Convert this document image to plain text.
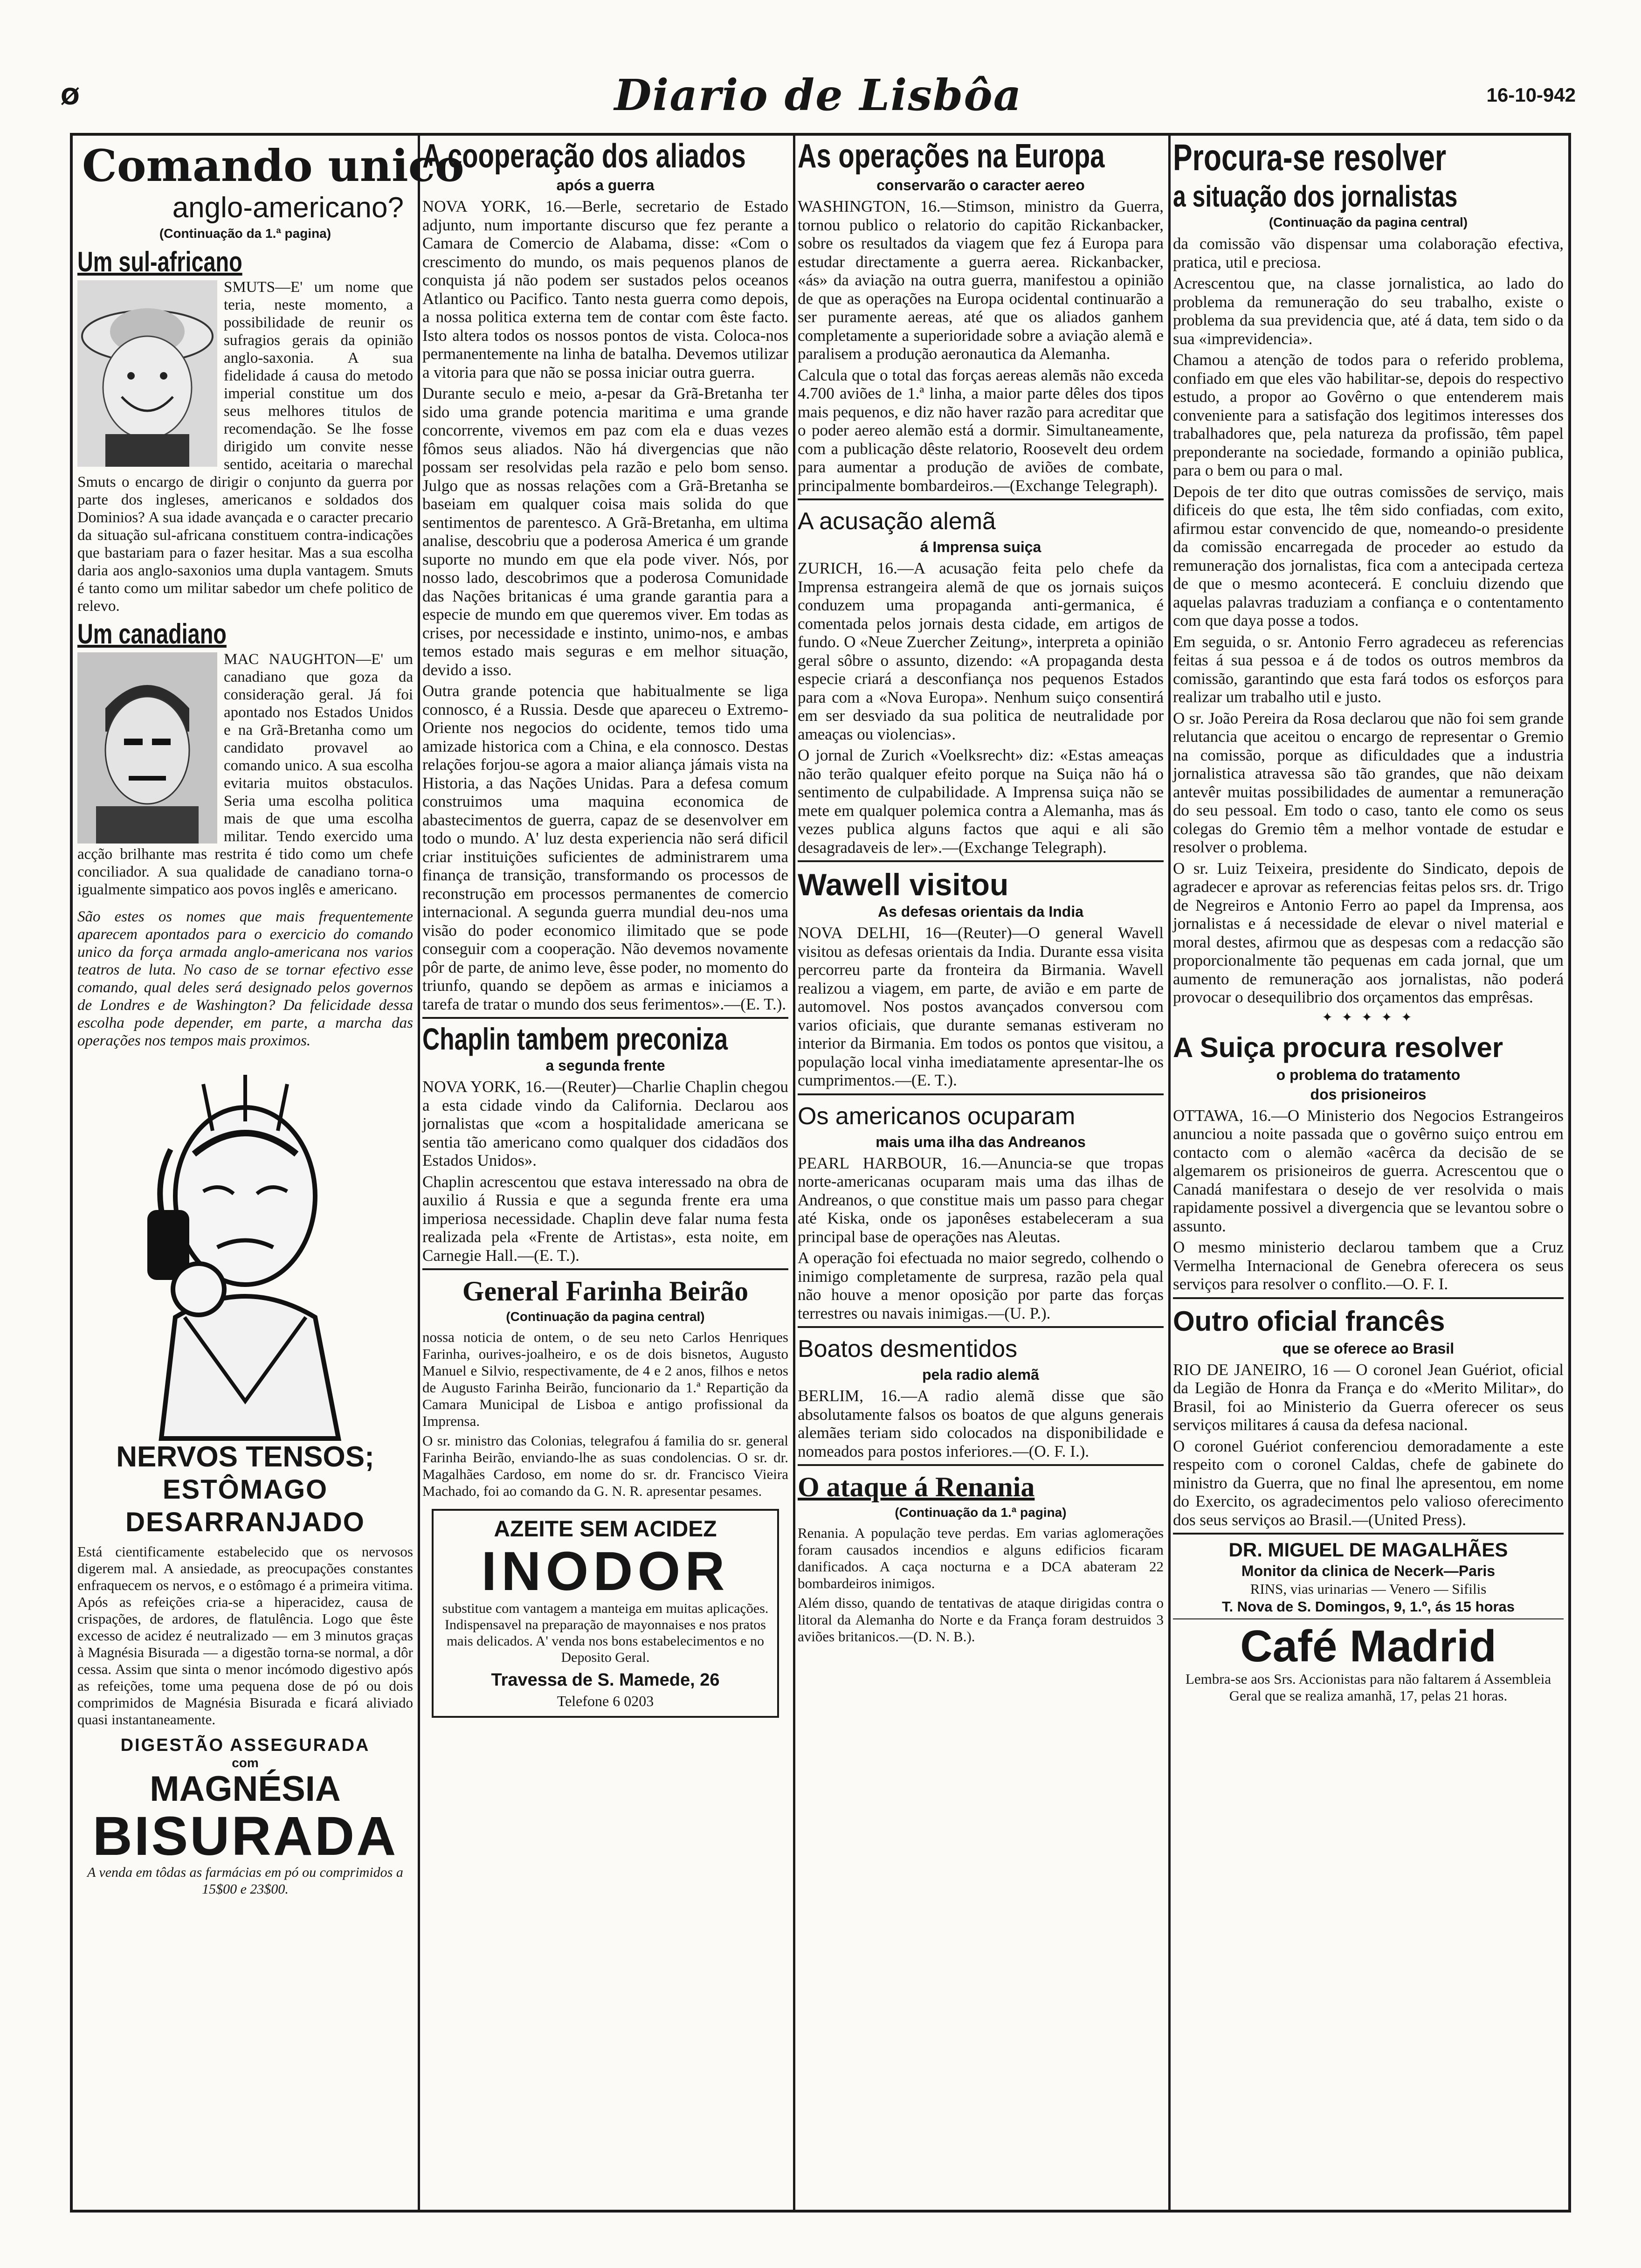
Ø	Diario de Lisbôa	16-10-942
Comando unico
anglo-americano?
(Continuação da 1.ª pagina)
Um sul-africano

SMUTS—E' um nome que teria, neste momento, a possibilidade de reunir os sufragios gerais da opinião anglo-saxonia. A sua fidelidade á causa do metodo imperial constitue um dos seus melhores titulos de recomendação. Se lhe fosse dirigido um convite nesse sentido, aceitaria o marechal Smuts o encargo de dirigir o conjunto da guerra por parte dos ingleses, americanos e soldados dos Dominios? A sua idade avançada e o caracter precario da situação sul-africana constituem contra-indicações que bastariam para o fazer hesitar. Mas a sua escolha daria aos anglo-saxonios uma dupla vantagem. Smuts é tanto como um militar sabedor um chefe politico de relevo.

Um canadiano

MAC NAUGHTON—E' um canadiano que goza da consideração geral. Já foi apontado nos Estados Unidos e na Grã-Bretanha como um candidato provavel ao comando unico. A sua escolha evitaria muitos obstaculos. Seria uma escolha politica mais de que uma escolha militar. Tendo exercido uma acção brilhante mas restrita é tido como um chefe conciliador. A sua qualidade de canadiano torna-o igualmente simpatico aos povos inglês e americano.

São estes os nomes que mais frequentemente aparecem apontados para o exercicio do comando unico da força armada anglo-americana nos varios teatros de luta. No caso de se tornar efectivo esse comando, qual deles será designado pelos governos de Londres e de Washington? Da felicidade dessa escolha pode depender, em parte, a marcha das operações nos tempos mais proximos.

NERVOS TENSOS;
ESTÔMAGO DESARRANJADO

Está cientificamente estabelecido que os nervosos digerem mal. A ansiedade, as preocupações constantes enfraquecem os nervos, e o estômago é a primeira vitima. Após as refeições cria-se a hiperacidez, causa de crispações, de ardores, de flatulência. Logo que êste excesso de acidez é neutralizado — em 3 minutos graças à Magnésia Bisurada — a digestão torna-se normal, a dôr cessa. Assim que sinta o menor incómodo digestivo após as refeições, tome uma pequena dose de pó ou dois comprimidos de Magnésia Bisurada e ficará aliviado quasi instantaneamente.

DIGESTÃO ASSEGURADA
com
MAGNÉSIA
BISURADA

A venda em tôdas as farmácias em pó ou comprimidos a 15$00 e 23$00.

A cooperação dos aliados
após a guerra

NOVA YORK, 16.—Berle, secretario de Estado adjunto, num importante discurso que fez perante a Camara de Comercio de Alabama, disse: «Com o crescimento do mundo, os mais pequenos planos de conquista já não podem ser sustados pelos oceanos Atlantico ou Pacifico. Tanto nesta guerra como depois, a nossa politica externa tem de contar com êste facto. Isto altera todos os nossos pontos de vista. Coloca-nos permanentemente na linha de batalha. Devemos utilizar a vitoria para que não se possa iniciar outra guerra.

Durante seculo e meio, a-pesar da Grã-Bretanha ter sido uma grande potencia maritima e uma grande concorrente, vivemos em paz com ela e duas vezes fômos seus aliados. Não há divergencias que não possam ser resolvidas pela razão e pelo bom senso. Julgo que as nossas relações com a Grã-Bretanha se baseiam em qualquer coisa mais solida do que sentimentos de parentesco. A Grã-Bretanha, em ultima analise, descobriu que a poderosa America é um grande suporte no mundo em que ela pode viver. Nós, por nosso lado, descobrimos que a poderosa Comunidade das Nações britanicas é uma grande garantia para a especie de mundo em que queremos viver. Em todas as crises, por necessidade e instinto, unimo-nos, e ambas temos estado mais seguras e em melhor situação, devido a isso.

Outra grande potencia que habitualmente se liga connosco, é a Russia. Desde que apareceu o Extremo-Oriente nos negocios do ocidente, temos tido uma amizade historica com a China, e ela connosco. Destas relações forjou-se agora a maior aliança jámais vista na Historia, a das Nações Unidas. Para a defesa comum construimos uma maquina economica de abastecimentos de guerra, capaz de se desenvolver em todo o mundo. A' luz desta experiencia não será dificil criar instituições suficientes de administrarem uma finança de transição, transformando os processos de reconstrução em processos permanentes de comercio internacional. A segunda guerra mundial deu-nos uma visão do poder economico ilimitado que se pode conseguir com a cooperação. Não devemos novamente pôr de parte, de animo leve, êsse poder, no momento do triunfo, quando se depõem as armas e iniciamos a tarefa de tratar o mundo dos seus ferimentos».—(E. T.).

Chaplin tambem preconiza
a segunda frente

NOVA YORK, 16.—(Reuter)—Charlie Chaplin chegou a esta cidade vindo da California. Declarou aos jornalistas que «com a hospitalidade americana se sentia tão americano como qualquer dos cidadãos dos Estados Unidos».

Chaplin acrescentou que estava interessado na obra de auxilio á Russia e que a segunda frente era uma imperiosa necessidade. Chaplin deve falar numa festa realizada pela «Frente de Artistas», esta noite, em Carnegie Hall.—(E. T.).

General Farinha Beirão
(Continuação da pagina central)

nossa noticia de ontem, o de seu neto Carlos Henriques Farinha, ourives-joalheiro, e os de dois bisnetos, Augusto Manuel e Silvio, respectivamente, de 4 e 2 anos, filhos e netos de Augusto Farinha Beirão, funcionario da 1.ª Repartição da Camara Municipal de Lisboa e antigo profissional da Imprensa.

O sr. ministro das Colonias, telegrafou á familia do sr. general Farinha Beirão, enviando-lhe as suas condolencias. O sr. dr. Magalhães Cardoso, em nome do sr. dr. Francisco Vieira Machado, foi ao comando da G. N. R. apresentar pesames.

AZEITE SEM ACIDEZ
INODOR

substitue com vantagem a manteiga em muitas aplicações. Indispensavel na preparação de mayonnaises e nos pratos mais delicados. A' venda nos bons estabelecimentos e no Deposito Geral.

Travessa de S. Mamede, 26
Telefone 6 0203
As operações na Europa
conservarão o caracter aereo

WASHINGTON, 16.—Stimson, ministro da Guerra, tornou publico o relatorio do capitão Rickanbacker, sobre os resultados da viagem que fez á Europa para estudar directamente a guerra aerea. Rickanbacker, «ás» da aviação na outra guerra, manifestou a opinião de que as operações na Europa ocidental continuarão a ser puramente aereas, até que os aliados ganhem completamente a superioridade sobre a aviação alemã e paralisem a produção aeronautica da Alemanha.

Calcula que o total das forças aereas alemãs não exceda 4.700 aviões de 1.ª linha, a maior parte dêles dos tipos mais pequenos, e diz não haver razão para acreditar que o poder aereo alemão está a dormir. Simultaneamente, com a publicação dêste relatorio, Roosevelt deu ordem para aumentar a produção de aviões de combate, principalmente bombardeiros.—(Exchange Telegraph).

A acusação alemã
á Imprensa suiça

ZURICH, 16.—A acusação feita pelo chefe da Imprensa estrangeira alemã de que os jornais suiços conduzem uma propaganda anti-germanica, é comentada pelos jornais desta cidade, em artigos de fundo. O «Neue Zuercher Zeitung», interpreta a opinião geral sôbre o assunto, dizendo: «A propaganda desta especie criará a desconfiança nos pequenos Estados para com a «Nova Europa». Nenhum suiço consentirá em ser desviado da sua politica de neutralidade por ameaças ou violencias».

O jornal de Zurich «Voelksrecht» diz: «Estas ameaças não terão qualquer efeito porque na Suiça não há o sentimento de culpabilidade. A Imprensa suiça não se mete em qualquer polemica contra a Alemanha, mas ás vezes publica alguns factos que aqui e ali são desagradaveis de ler».—(Exchange Telegraph).

Wawell visitou
As defesas orientais da India

NOVA DELHI, 16—(Reuter)—O general Wavell visitou as defesas orientais da India. Durante essa visita percorreu parte da fronteira da Birmania. Wavell realizou a viagem, em parte, de avião e em parte de automovel. Nos postos avançados conversou com varios oficiais, que durante semanas estiveram no interior da Birmania. Em todos os pontos que visitou, a população local vinha imediatamente apresentar-lhe os cumprimentos.—(E. T.).

Os americanos ocuparam
mais uma ilha das Andreanos

PEARL HARBOUR, 16.—Anuncia-se que tropas norte-americanas ocuparam mais uma das ilhas de Andreanos, o que constitue mais um passo para chegar até Kiska, onde os japonêses estabeleceram a sua principal base de operações nas Aleutas.

A operação foi efectuada no maior segredo, colhendo o inimigo completamente de surpresa, razão pela qual não houve a menor oposição por parte das forças terrestres ou navais inimigas.—(U. P.).

Boatos desmentidos
pela radio alemã

BERLIM, 16.—A radio alemã disse que são absolutamente falsos os boatos de que alguns generais alemães teriam sido colocados na disponibilidade e nomeados para postos inferiores.—(O. F. I.).

O ataque á Renania
(Continuação da 1.ª pagina)

Renania. A população teve perdas. Em varias aglomerações foram causados incendios e alguns edificios ficaram danificados. A caça nocturna e a DCA abateram 22 bombardeiros inimigos.

Além disso, quando de tentativas de ataque dirigidas contra o litoral da Alemanha do Norte e da França foram destruidos 3 aviões britanicos.—(D. N. B.).

Procura-se resolver
a situação dos jornalistas
(Continuação da pagina central)

da comissão vão dispensar uma colaboração efectiva, pratica, util e preciosa.

Acrescentou que, na classe jornalistica, ao lado do problema da remuneração do seu trabalho, existe o problema da sua previdencia que, até á data, tem sido o da sua «imprevidencia».

Chamou a atenção de todos para o referido problema, confiado em que eles vão habilitar-se, depois do respectivo estudo, a propor ao Govêrno o que entenderem mais conveniente para a satisfação dos legitimos interesses dos trabalhadores que, pela natureza da profissão, têm papel preponderante na sociedade, formando a opinião publica, para o bem ou para o mal.

Depois de ter dito que outras comissões de serviço, mais dificeis do que esta, lhe têm sido confiadas, com exito, afirmou estar convencido de que, nomeando-o presidente da comissão encarregada de proceder ao estudo da remuneração dos jornalistas, fica com a antecipada certeza de que o mesmo acontecerá. E concluiu dizendo que aquelas palavras traduziam a confiança e o contentamento com que daya posse a todos.

Em seguida, o sr. Antonio Ferro agradeceu as referencias feitas á sua pessoa e á de todos os outros membros da comissão, garantindo que esta fará todos os esforços para realizar um trabalho util e justo.

O sr. João Pereira da Rosa declarou que não foi sem grande relutancia que aceitou o encargo de representar o Gremio na comissão, porque as dificuldades que a industria jornalistica atravessa são tão grandes, que não deixam antevêr muitas possibilidades de aumentar a remuneração do seu pessoal. Em todo o caso, tanto ele como os seus colegas do Gremio têm a melhor vontade de estudar e resolver o problema.

O sr. Luiz Teixeira, presidente do Sindicato, depois de agradecer e aprovar as referencias feitas pelos srs. dr. Trigo de Negreiros e Antonio Ferro ao papel da Imprensa, aos jornalistas e á necessidade de elevar o nivel material e moral destes, afirmou que as despesas com a redacção são proporcionalmente tão pequenas em cada jornal, que um aumento de remuneração aos jornalistas, não poderá provocar o desequilibrio dos orçamentos das emprêsas.

✦ ✦ ✦ ✦ ✦
A Suiça procura resolver
o problema do tratamento
dos prisioneiros

OTTAWA, 16.—O Ministerio dos Negocios Estrangeiros anunciou a noite passada que o govêrno suiço entrou em contacto com o alemão «acêrca da decisão de se algemarem os prisioneiros de guerra. Acrescentou que o Canadá manifestara o desejo de ver resolvida o mais rapidamente possivel a divergencia que se levantou sobre o assunto.

O mesmo ministerio declarou tambem que a Cruz Vermelha Internacional de Genebra oferecera os seus serviços para resolver o conflito.—O. F. I.

Outro oficial francês
que se oferece ao Brasil

RIO DE JANEIRO, 16 — O coronel Jean Guériot, oficial da Legião de Honra da França e do «Merito Militar», do Brasil, foi ao Ministerio da Guerra oferecer os seus serviços militares á causa da defesa nacional.

O coronel Guériot conferenciou demoradamente a este respeito com o coronel Caldas, chefe de gabinete do ministro da Guerra, que no final lhe apresentou, em nome do Exercito, os agradecimentos pelo valioso oferecimento dos seus serviços ao Brasil.—(United Press).

DR. MIGUEL DE MAGALHÃES
Monitor da clinica de Necerk—Paris
RINS, vias urinarias — Venero — Sifilis
T. Nova de S. Domingos, 9, 1.º, ás 15 horas
Café Madrid

Lembra-se aos Srs. Accionistas para não faltarem á Assembleia Geral que se realiza amanhã, 17, pelas 21 horas.
